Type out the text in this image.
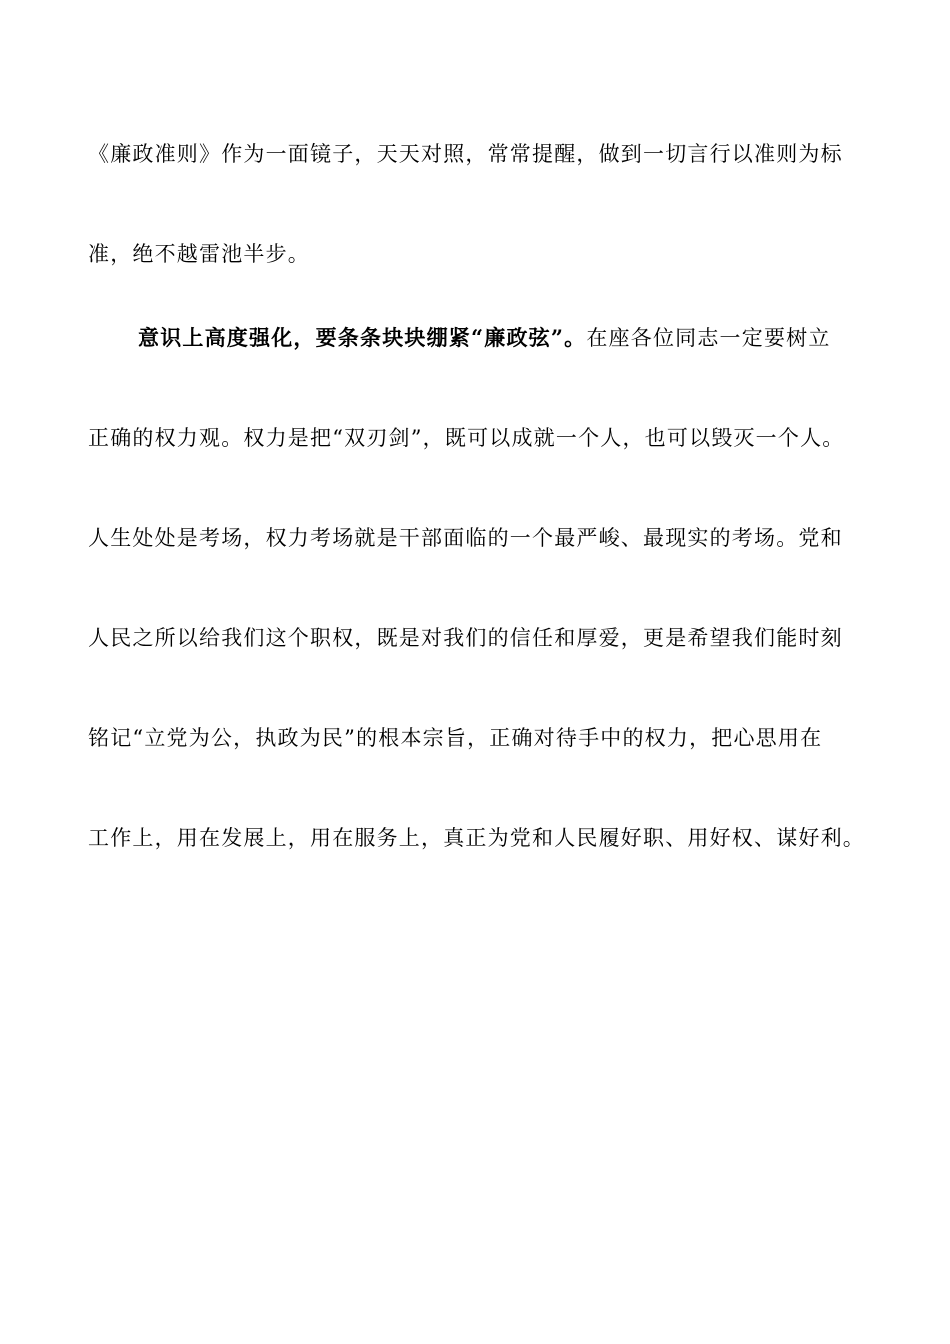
《廉政准则》作为一面镜子，天天对照，常常提醒，做到一切言行以准则为标
准，绝不越雷池半步。
意识上高度强化，要条条块块绷紧“廉政弦”。在座各位同志一定要树立
正确的权力观。权力是把“双刃剑”，既可以成就一个人，也可以毁灭一个人。
人生处处是考场，权力考场就是干部面临的一个最严峻、最现实的考场。党和
人民之所以给我们这个职权，既是对我们的信任和厚爱，更是希望我们能时刻
铭记“立党为公，执政为民”的根本宗旨，正确对待手中的权力，把心思用在
工作上，用在发展上，用在服务上，真正为党和人民履好职、用好权、谋好利。
